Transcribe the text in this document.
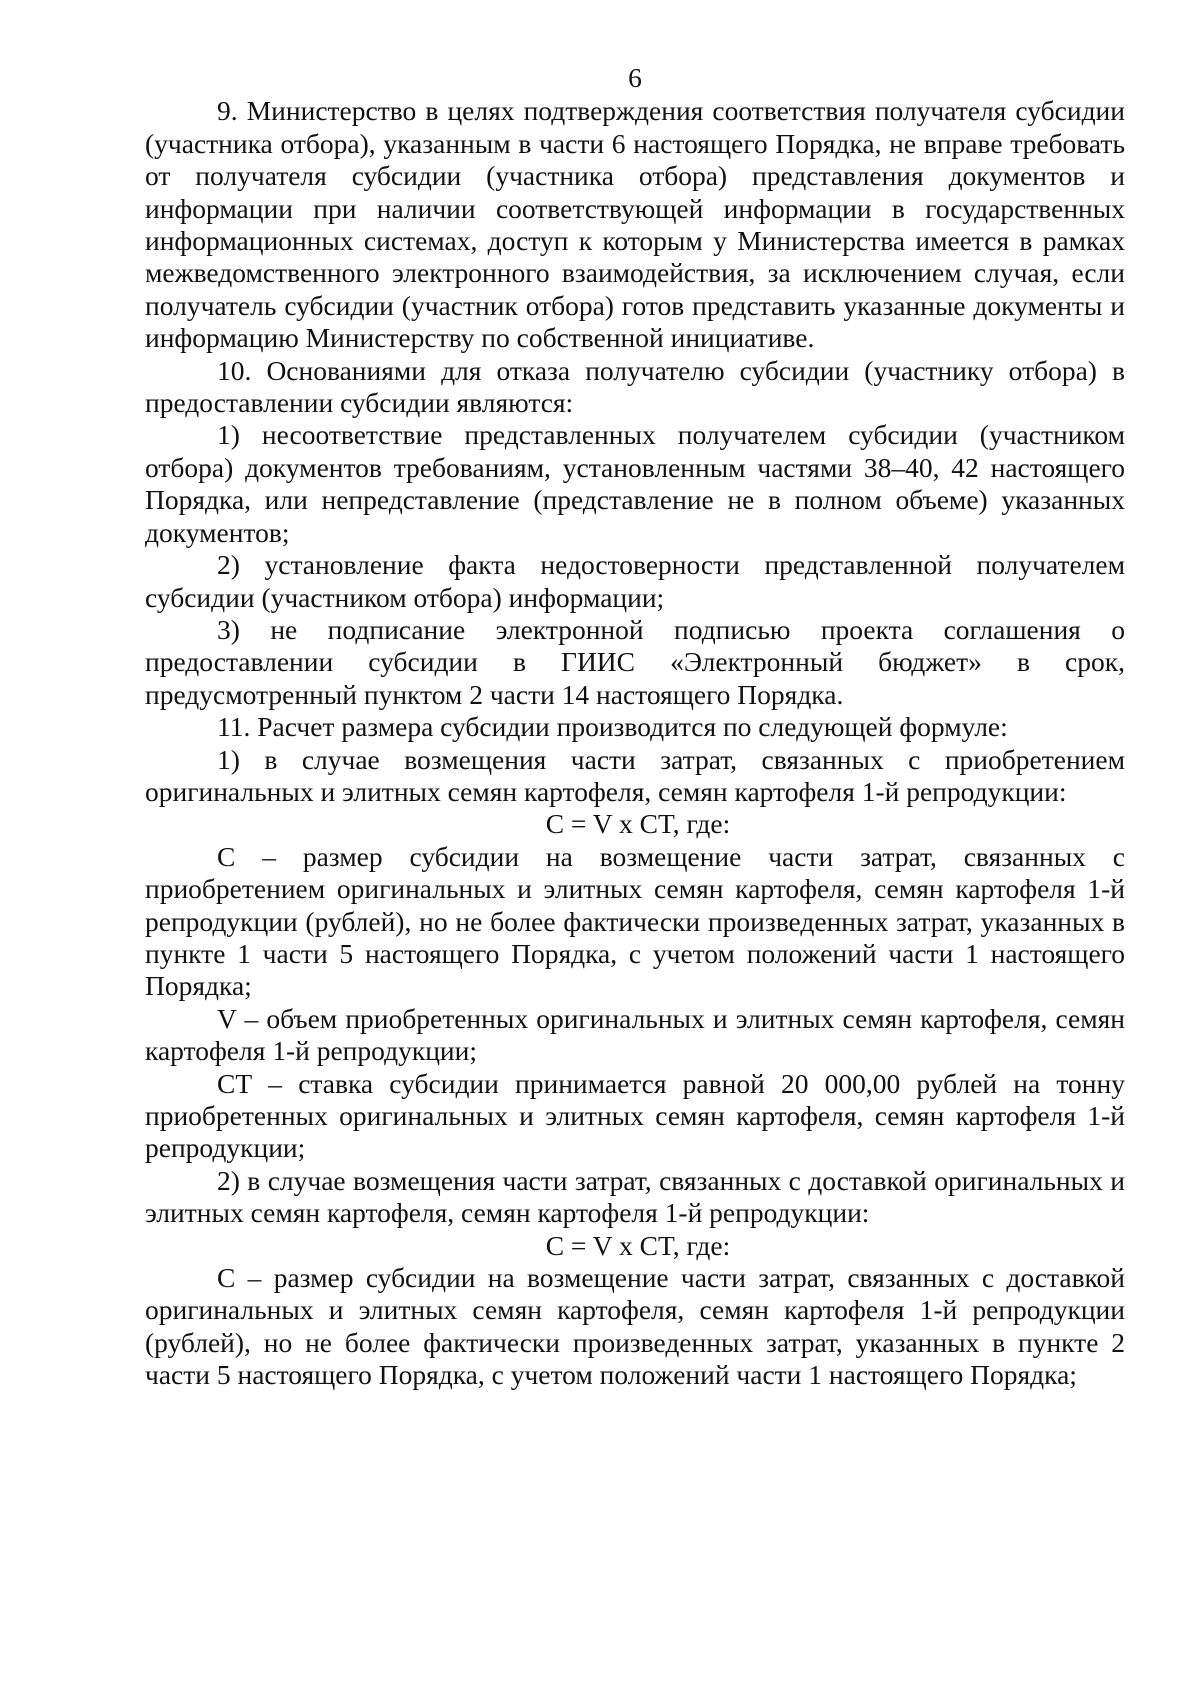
6

9. Министерство в целях подтверждения соответствия получателя субсидии (участника отбора), указанным в части 6 настоящего Порядка, не вправе требовать от получателя субсидии (участника отбора) представления документов и информации при наличии соответствующей информации в государственных информационных системах, доступ к которым у Министерства имеется в рамках межведомственного электронного взаимодействия, за исключением случая, если получатель субсидии (участник отбора) готов представить указанные документы и информацию Министерству по собственной инициативе.

10. Основаниями для отказа получателю субсидии (участнику отбора) в предоставлении субсидии являются:

1) несоответствие представленных получателем субсидии (участником отбора) документов требованиям, установленным частями 38–40, 42 настоящего Порядка, или непредставление (представление не в полном объеме) указанных документов;

2) установление факта недостоверности представленной получателем субсидии (участником отбора) информации;

3) не подписание электронной подписью проекта соглашения о предоставлении субсидии в ГИИС «Электронный бюджет» в срок, предусмотренный пунктом 2 части 14 настоящего Порядка.

11. Расчет размера субсидии производится по следующей формуле:

1) в случае возмещения части затрат, связанных с приобретением оригинальных и элитных семян картофеля, семян картофеля 1-й репродукции:

C = V x CT, где:

С – размер субсидии на возмещение части затрат, связанных с приобретением оригинальных и элитных семян картофеля, семян картофеля 1-й репродукции (рублей), но не более фактически произведенных затрат, указанных в пункте 1 части 5 настоящего Порядка, с учетом положений части 1 настоящего Порядка;

V – объем приобретенных оригинальных и элитных семян картофеля, семян картофеля 1-й репродукции;

СТ – ставка субсидии принимается равной 20 000,00 рублей на тонну приобретенных оригинальных и элитных семян картофеля, семян картофеля 1-й репродукции;

2) в случае возмещения части затрат, связанных с доставкой оригинальных и элитных семян картофеля, семян картофеля 1-й репродукции:

C = V x CT, где:

С – размер субсидии на возмещение части затрат, связанных с доставкой оригинальных и элитных семян картофеля, семян картофеля 1-й репродукции (рублей), но не более фактически произведенных затрат, указанных в пункте 2 части 5 настоящего Порядка, с учетом положений части 1 настоящего Порядка;
